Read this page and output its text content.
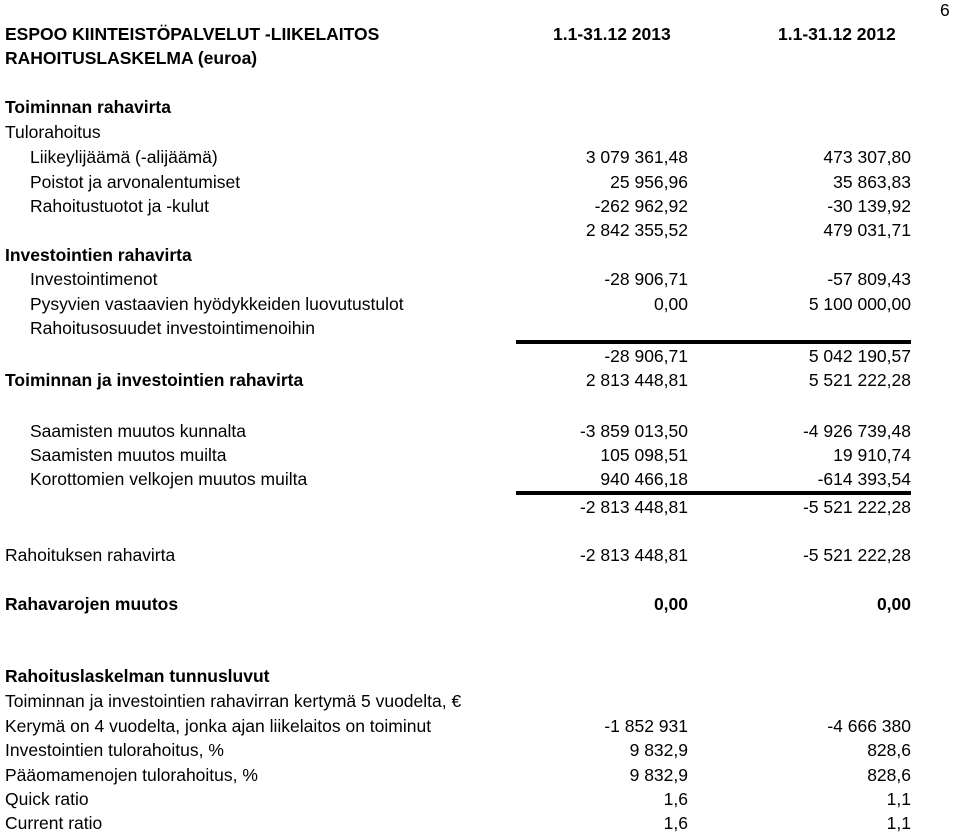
6
ESPOO KIINTEISTÖPALVELUT -LIIKELAITOS	1.1-31.12 2013	1.1-31.12 2012
RAHOITUSLASKELMA (euroa)
Toiminnan rahavirta
Tulorahoitus
Liikeylijäämä (-alijäämä)	3 079 361,48	473 307,80
Poistot ja arvonalentumiset	25 956,96	35 863,83
Rahoitustuotot ja -kulut	-262 962,92	-30 139,92
2 842 355,52	479 031,71
Investointien rahavirta
Investointimenot	-28 906,71	-57 809,43
Pysyvien vastaavien hyödykkeiden luovutustulot	0,00	5 100 000,00
Rahoitusosuudet investointimenoihin
-28 906,71	5 042 190,57
Toiminnan ja investointien rahavirta	2 813 448,81	5 521 222,28
Saamisten muutos kunnalta	-3 859 013,50	-4 926 739,48
Saamisten muutos muilta	105 098,51	19 910,74
Korottomien velkojen muutos muilta	940 466,18	-614 393,54
-2 813 448,81	-5 521 222,28
Rahoituksen rahavirta	-2 813 448,81	-5 521 222,28
Rahavarojen muutos	0,00	0,00
Rahoituslaskelman tunnusluvut
Toiminnan ja investointien rahavirran kertymä 5 vuodelta, €
Kerymä on 4 vuodelta, jonka ajan liikelaitos on toiminut	-1 852 931	-4 666 380
Investointien tulorahoitus, %	9 832,9	828,6
Pääomamenojen tulorahoitus, %	9 832,9	828,6
Quick ratio	1,6	1,1
Current ratio	1,6	1,1
